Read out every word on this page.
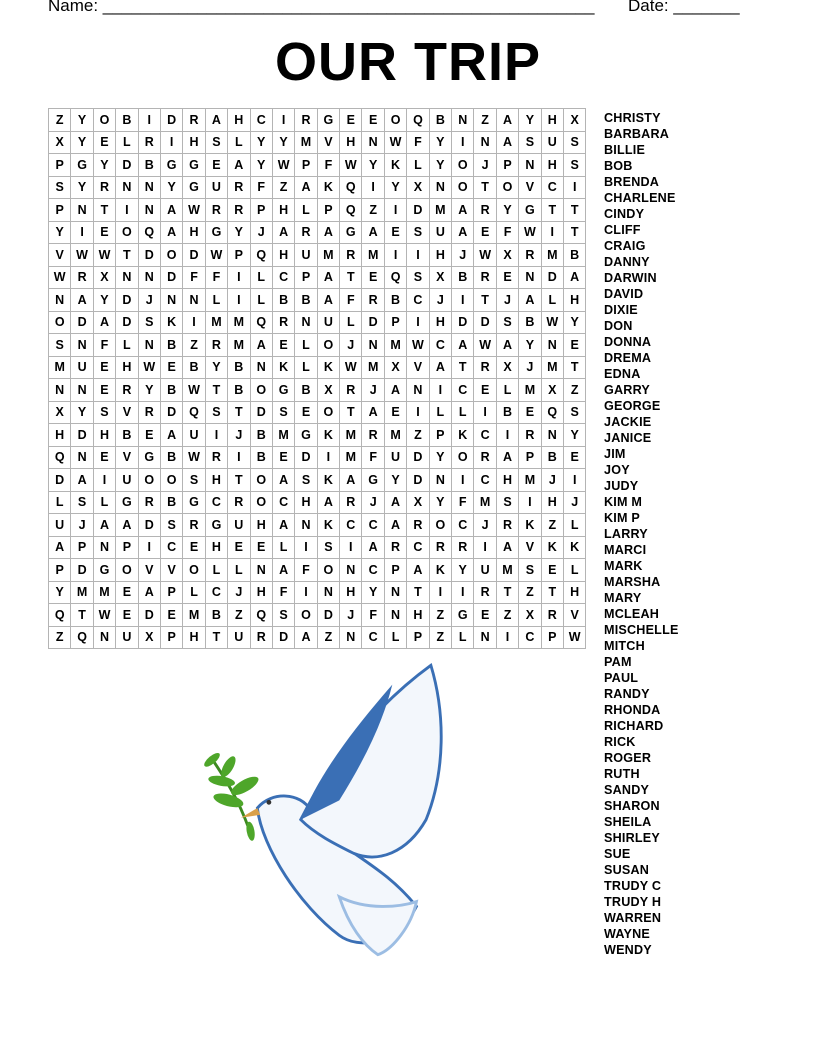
Name: ____________________________________________________ Date: _______
OUR TRIP
Z	Y	O	B	I	D	R	A	H	C	I	R	G	E	E	O	Q	B	N	Z	A	Y	H	X
X	Y	E	L	R	I	H	S	L	Y	Y	M	V	H	N	W	F	Y	I	N	A	S	U	S
P	G	Y	D	B	G	G	E	A	Y	W	P	F	W	Y	K	L	Y	O	J	P	N	H	S
S	Y	R	N	N	Y	G	U	R	F	Z	A	K	Q	I	Y	X	N	O	T	O	V	C	I
P	N	T	I	N	A	W	R	R	P	H	L	P	Q	Z	I	D	M	A	R	Y	G	T	T
Y	I	E	O	Q	A	H	G	Y	J	A	R	A	G	A	E	S	U	A	E	F	W	I	T
V	W	W	T	D	O	D	W	P	Q	H	U	M	R	M	I	I	H	J	W	X	R	M	B
W	R	X	N	N	D	F	F	I	L	C	P	A	T	E	Q	S	X	B	R	E	N	D	A
N	A	Y	D	J	N	N	L	I	L	B	B	A	F	R	B	C	J	I	T	J	A	L	H
O	D	A	D	S	K	I	M	M	Q	R	N	U	L	D	P	I	H	D	D	S	B	W	Y
S	N	F	L	N	B	Z	R	M	A	E	L	O	J	N	M	W	C	A	W	A	Y	N	E
M	U	E	H	W	E	B	Y	B	N	K	L	K	W	M	X	V	A	T	R	X	J	M	T
N	N	E	R	Y	B	W	T	B	O	G	B	X	R	J	A	N	I	C	E	L	M	X	Z
X	Y	S	V	R	D	Q	S	T	D	S	E	O	T	A	E	I	L	L	I	B	E	Q	S
H	D	H	B	E	A	U	I	J	B	M	G	K	M	R	M	Z	P	K	C	I	R	N	Y
Q	N	E	V	G	B	W	R	I	B	E	D	I	M	F	U	D	Y	O	R	A	P	B	E
D	A	I	U	O	O	S	H	T	O	A	S	K	A	G	Y	D	N	I	C	H	M	J	I
L	S	L	G	R	B	G	C	R	O	C	H	A	R	J	A	X	Y	F	M	S	I	H	J
U	J	A	A	D	S	R	G	U	H	A	N	K	C	C	A	R	O	C	J	R	K	Z	L
A	P	N	P	I	C	E	H	E	E	L	I	S	I	A	R	C	R	R	I	A	V	K	K
P	D	G	O	V	V	O	L	L	N	A	F	O	N	C	P	A	K	Y	U	M	S	E	L
Y	M	M	E	A	P	L	C	J	H	F	I	N	H	Y	N	T	I	I	R	T	Z	T	H
Q	T	W	E	D	E	M	B	Z	Q	S	O	D	J	F	N	H	Z	G	E	Z	X	R	V
Z	Q	N	U	X	P	H	T	U	R	D	A	Z	N	C	L	P	Z	L	N	I	C	P	W
CHRISTY
BARBARA
BILLIE
BOB
BRENDA
CHARLENE
CINDY
CLIFF
CRAIG
DANNY
DARWIN
DAVID
DIXIE
DON
DONNA
DREMA
EDNA
GARRY
GEORGE
JACKIE
JANICE
JIM
JOY
JUDY
KIM M
KIM P
LARRY
MARCI
MARK
MARSHA
MARY
MCLEAH
MISCHELLE
MITCH
PAM
PAUL
RANDY
RHONDA
RICHARD
RICK
ROGER
RUTH
SANDY
SHARON
SHEILA
SHIRLEY
SUE
SUSAN
TRUDY C
TRUDY H
WARREN
WAYNE
WENDY
